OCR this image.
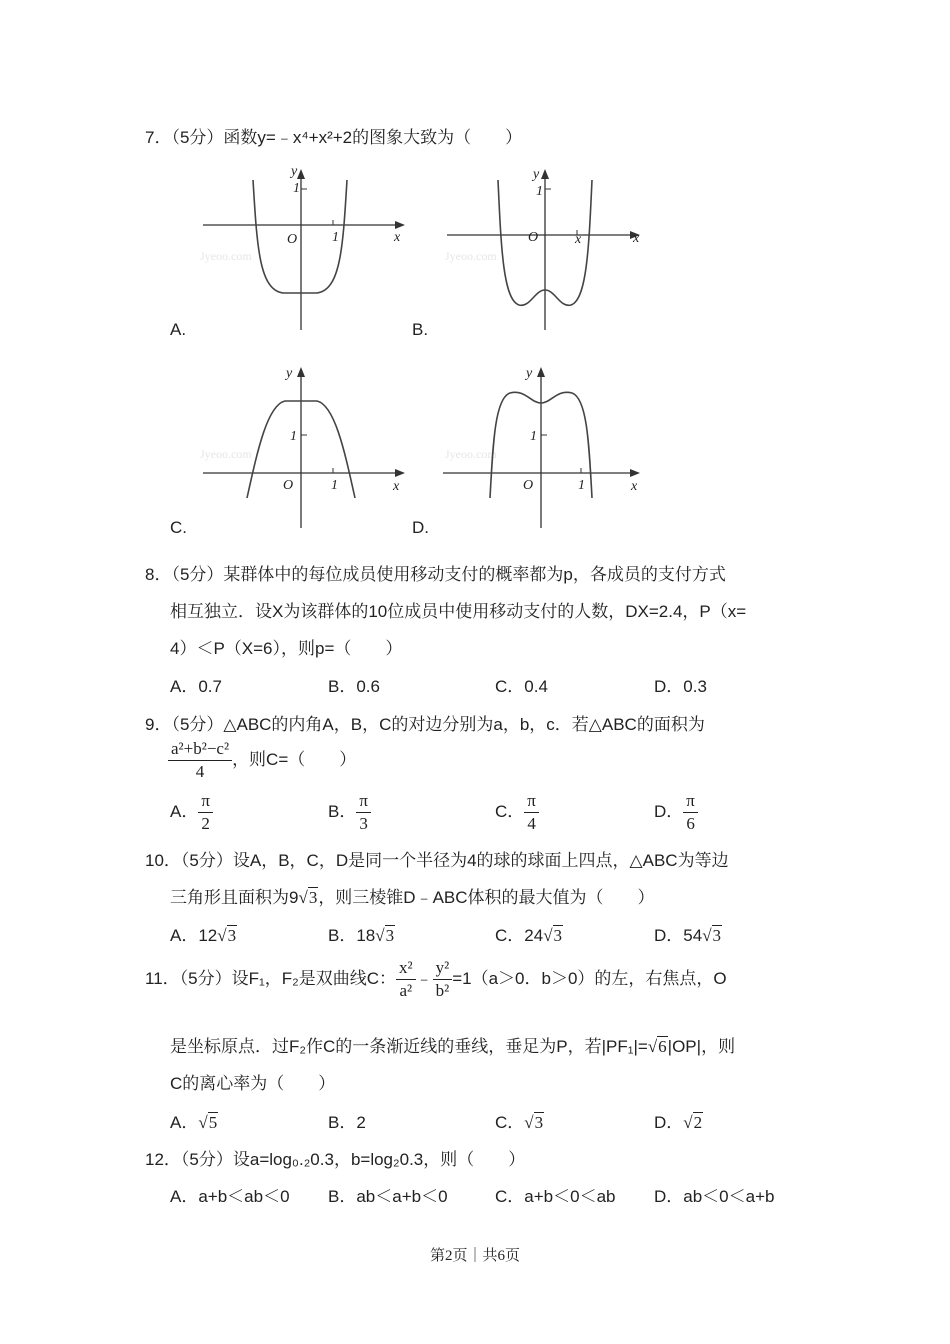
7．（5分）函数y=﹣x⁴+x²+2的图象大致为（　　）
Jyeoo.com
y
1
O 1	x
A.
Jyeoo.com
y
1
O	x	x
B.
Jyeoo.com
y
1
O	1	x
C.
Jyeoo.com
y
1
O	1	x
D.
8．（5分）某群体中的每位成员使用移动支付的概率都为p，各成员的支付方式
相互独立．设X为该群体的10位成员中使用移动支付的人数，DX=2.4，P（x=
4）＜P（X=6），则p=（　　）
A．0.7	B．0.6	C．0.4	D．0.3
9．（5分）△ABC的内角A，B，C的对边分别为a，b，c．若△ABC的面积为
$\frac{\text{a²+b²−c²}}{4}$ ，则C=（　　）
A． $\frac{\pi}{2}$	B． $\frac{\pi}{3}$	C． $\frac{\pi}{4}$	D． $\frac{\pi}{6}$
10．（5分）设A，B，C，D是同一个半径为4的球的球面上四点，△ABC为等边
三角形且面积为9√3，则三棱锥D﹣ABC体积的最大值为（　　）
A．12√3	B．18√3	C．24√3	D．54√3
11．（5分）设F₁，F₂是双曲线C： $\frac{\text{x²}}{\text{a²}}$ ﹣ $\frac{\text{y²}}{\text{b²}} =1(a>0$．b＞0）的左，右焦点，O
是坐标原点．过F₂作C的一条渐近线的垂线，垂足为P，若|PF₁|=√6|OP|，则
C的离心率为（　　）
A．√5	B．2	C．√3	D．√2
12．（5分）设a=log₀.₂0.3，b=log₂0.3，则（　　）
A．a+b＜ab＜0 B．ab＜a+b＜0	C．a+b＜0＜ab D．ab＜0＜a+b
第2页｜共6页
